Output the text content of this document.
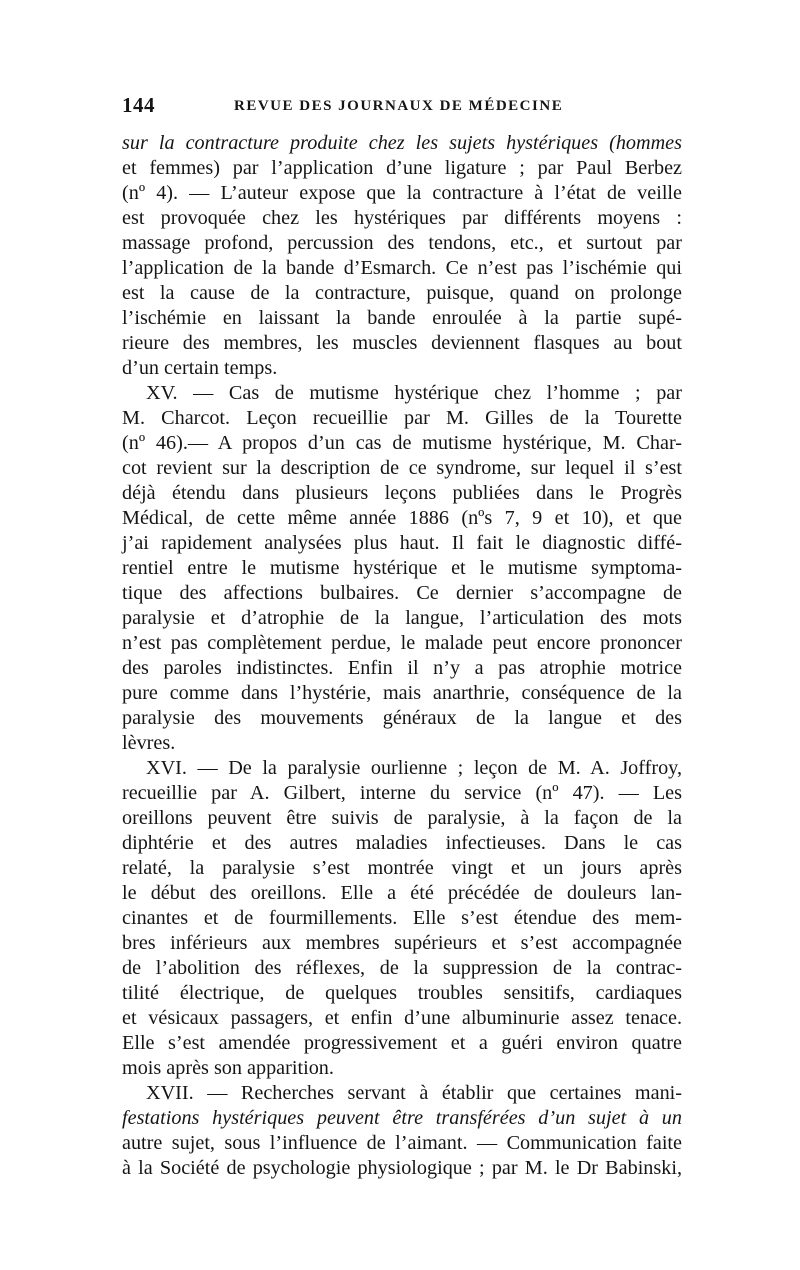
144	REVUE DES JOURNAUX DE MÉDECINE
sur la contracture produite chez les sujets hystériques (hommes
et femmes) par l’application d’une ligature ; par Paul Berbez
(nº 4). — L’auteur expose que la contracture à l’état de veille
est provoquée chez les hystériques par différents moyens :
massage profond, percussion des tendons, etc., et surtout par
l’application de la bande d’Esmarch. Ce n’est pas l’ischémie qui
est la cause de la contracture, puisque, quand on prolonge
l’ischémie en laissant la bande enroulée à la partie supé-
rieure des membres, les muscles deviennent flasques au bout
d’un certain temps.
XV. — Cas de mutisme hystérique chez l’homme ; par
M. Charcot. Leçon recueillie par M. Gilles de la Tourette
(nº 46).— A propos d’un cas de mutisme hystérique, M. Char-
cot revient sur la description de ce syndrome, sur lequel il s’est
déjà étendu dans plusieurs leçons publiées dans le Progrès
Médical, de cette même année 1886 (nºs 7, 9 et 10), et que
j’ai rapidement analysées plus haut. Il fait le diagnostic diffé-
rentiel entre le mutisme hystérique et le mutisme symptoma-
tique des affections bulbaires. Ce dernier s’accompagne de
paralysie et d’atrophie de la langue, l’articulation des mots
n’est pas complètement perdue, le malade peut encore prononcer
des paroles indistinctes. Enfin il n’y a pas atrophie motrice
pure comme dans l’hystérie, mais anarthrie, conséquence de la
paralysie des mouvements généraux de la langue et des
lèvres.
XVI. — De la paralysie ourlienne ; leçon de M. A. Joffroy,
recueillie par A. Gilbert, interne du service (nº 47). — Les
oreillons peuvent être suivis de paralysie, à la façon de la
diphtérie et des autres maladies infectieuses. Dans le cas
relaté, la paralysie s’est montrée vingt et un jours après
le début des oreillons. Elle a été précédée de douleurs lan-
cinantes et de fourmillements. Elle s’est étendue des mem-
bres inférieurs aux membres supérieurs et s’est accompagnée
de l’abolition des réflexes, de la suppression de la contrac-
tilité électrique, de quelques troubles sensitifs, cardiaques
et vésicaux passagers, et enfin d’une albuminurie assez tenace.
Elle s’est amendée progressivement et a guéri environ quatre
mois après son apparition.
XVII. — Recherches servant à établir que certaines mani-
festations hystériques peuvent être transférées d’un sujet à un
autre sujet, sous l’influence de l’aimant. — Communication faite
à la Société de psychologie physiologique ; par M. le Dr Babinski,
